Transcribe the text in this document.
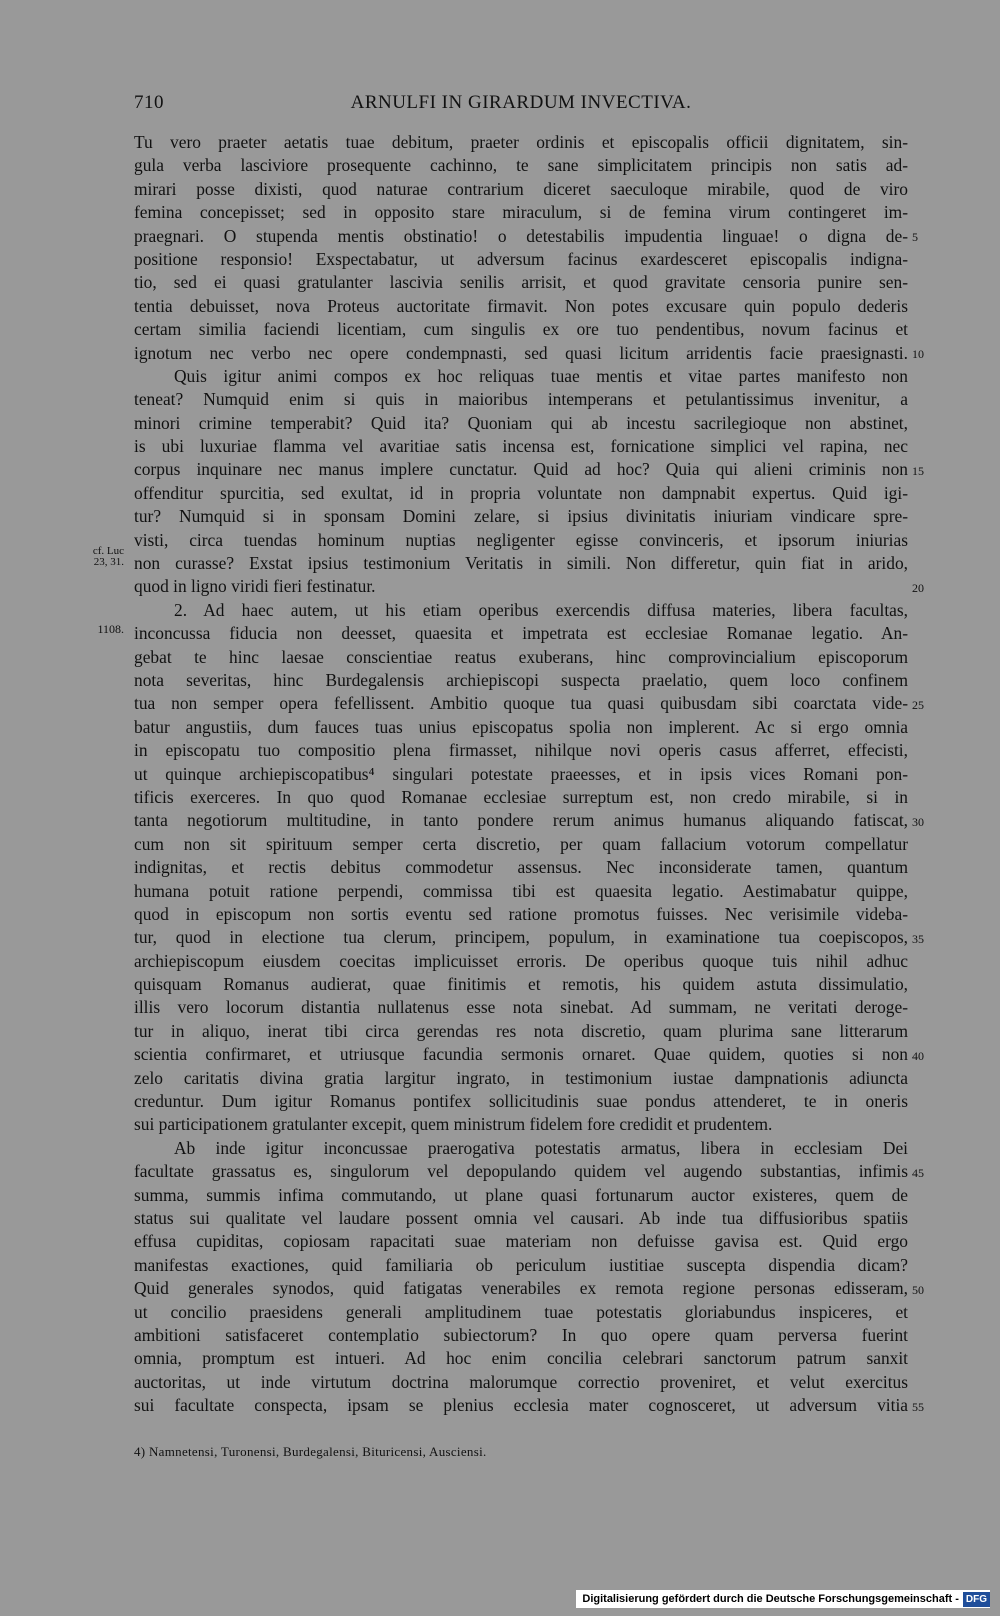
710	ARNULFI IN GIRARDUM INVECTIVA.
Tu vero praeter aetatis tuae debitum, praeter ordinis et episcopalis officii dignitatem, sin-
gula verba lasciviore prosequente cachinno, te sane simplicitatem principis non satis ad-
mirari posse dixisti, quod naturae contrarium diceret saeculoque mirabile, quod de viro
femina concepisset; sed in opposito stare miraculum, si de femina virum contingeret im-
praegnari. O stupenda mentis obstinatio! o detestabilis impudentia linguae! o digna de-
positione responsio! Exspectabatur, ut adversum facinus exardesceret episcopalis indigna-
tio, sed ei quasi gratulanter lascivia senilis arrisit, et quod gravitate censoria punire sen-
tentia debuisset, nova Proteus auctoritate firmavit. Non potes excusare quin populo dederis
certam similia faciendi licentiam, cum singulis ex ore tuo pendentibus, novum facinus et
ignotum nec verbo nec opere condempnasti, sed quasi licitum arridentis facie praesignasti.
Quis igitur animi compos ex hoc reliquas tuae mentis et vitae partes manifesto non
teneat? Numquid enim si quis in maioribus intemperans et petulantissimus invenitur, a
minori crimine temperabit? Quid ita? Quoniam qui ab incestu sacrilegioque non abstinet,
is ubi luxuriae flamma vel avaritiae satis incensa est, fornicatione simplici vel rapina, nec
corpus inquinare nec manus implere cunctatur. Quid ad hoc? Quia qui alieni criminis non
offenditur spurcitia, sed exultat, id in propria voluntate non dampnabit expertus. Quid igi-
tur? Numquid si in sponsam Domini zelare, si ipsius divinitatis iniuriam vindicare spre-
visti, circa tuendas hominum nuptias negligenter egisse convinceris, et ipsorum iniurias
non curasse? Exstat ipsius testimonium Veritatis in simili. Non differetur, quin fiat in arido,
quod in ligno viridi fieri festinatur.
2. Ad haec autem, ut his etiam operibus exercendis diffusa materies, libera facultas,
inconcussa fiducia non deesset, quaesita et impetrata est ecclesiae Romanae legatio. An-
gebat te hinc laesae conscientiae reatus exuberans, hinc comprovincialium episcoporum
nota severitas, hinc Burdegalensis archiepiscopi suspecta praelatio, quem loco confinem
tua non semper opera fefellissent. Ambitio quoque tua quasi quibusdam sibi coarctata vide-
batur angustiis, dum fauces tuas unius episcopatus spolia non implerent. Ac si ergo omnia
in episcopatu tuo compositio plena firmasset, nihilque novi operis casus afferret, effecisti,
ut quinque archiepiscopatibus⁴ singulari potestate praeesses, et in ipsis vices Romani pon-
tificis exerceres. In quo quod Romanae ecclesiae surreptum est, non credo mirabile, si in
tanta negotiorum multitudine, in tanto pondere rerum animus humanus aliquando fatiscat,
cum non sit spirituum semper certa discretio, per quam fallacium votorum compellatur
indignitas, et rectis debitus commodetur assensus. Nec inconsiderate tamen, quantum
humana potuit ratione perpendi, commissa tibi est quaesita legatio. Aestimabatur quippe,
quod in episcopum non sortis eventu sed ratione promotus fuisses. Nec verisimile videba-
tur, quod in electione tua clerum, principem, populum, in examinatione tua coepiscopos,
archiepiscopum eiusdem coecitas implicuisset erroris. De operibus quoque tuis nihil adhuc
quisquam Romanus audierat, quae finitimis et remotis, his quidem astuta dissimulatio,
illis vero locorum distantia nullatenus esse nota sinebat. Ad summam, ne veritati deroge-
tur in aliquo, inerat tibi circa gerendas res nota discretio, quam plurima sane litterarum
scientia confirmaret, et utriusque facundia sermonis ornaret. Quae quidem, quoties si non
zelo caritatis divina gratia largitur ingrato, in testimonium iustae dampnationis adiuncta
creduntur. Dum igitur Romanus pontifex sollicitudinis suae pondus attenderet, te in oneris
sui participationem gratulanter excepit, quem ministrum fidelem fore credidit et prudentem.
Ab inde igitur inconcussae praerogativa potestatis armatus, libera in ecclesiam Dei
facultate grassatus es, singulorum vel depopulando quidem vel augendo substantias, infimis
summa, summis infima commutando, ut plane quasi fortunarum auctor existeres, quem de
status sui qualitate vel laudare possent omnia vel causari. Ab inde tua diffusioribus spatiis
effusa cupiditas, copiosam rapacitati suae materiam non defuisse gavisa est. Quid ergo
manifestas exactiones, quid familiaria ob periculum iustitiae suscepta dispendia dicam?
Quid generales synodos, quid fatigatas venerabiles ex remota regione personas edisseram,
ut concilio praesidens generali amplitudinem tuae potestatis gloriabundus inspiceres, et
ambitioni satisfaceret contemplatio subiectorum? In quo opere quam perversa fuerint
omnia, promptum est intueri. Ad hoc enim concilia celebrari sanctorum patrum sanxit
auctoritas, ut inde virtutum doctrina malorumque correctio proveniret, et velut exercitus
sui facultate conspecta, ipsam se plenius ecclesia mater cognosceret, ut adversum vitia
5
10
15
20
25
30
35
40
45
50
55
cf. Luc 23, 31.
1108.
4) Namnetensi, Turonensi, Burdegalensi, Bituricensi, Ausciensi.
Digitalisierung gefördert durch die Deutsche Forschungsgemeinschaft - DFG
